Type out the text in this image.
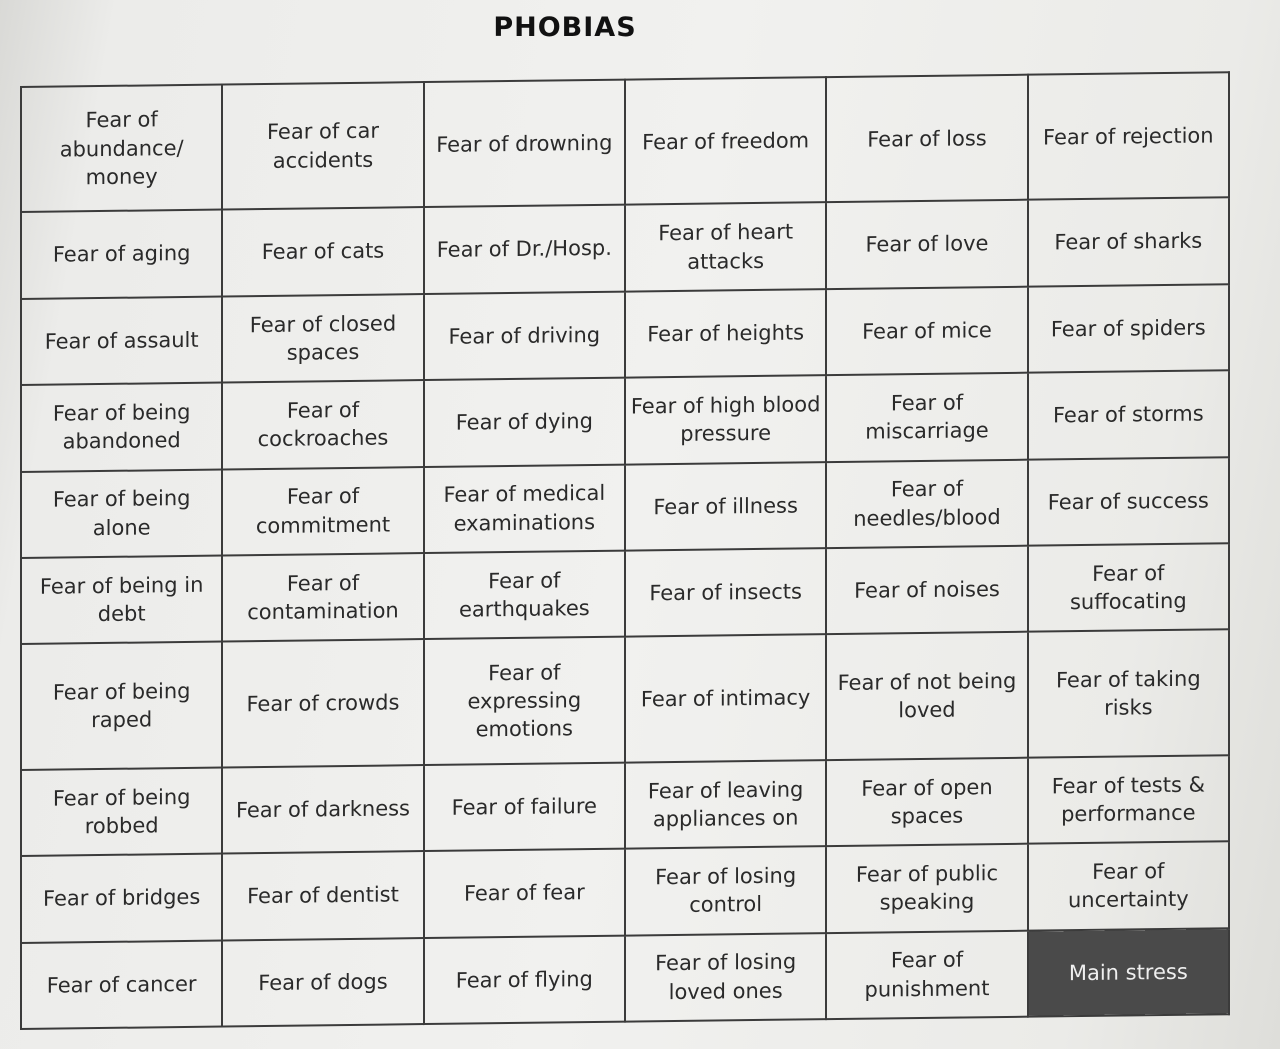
PHOBIAS
Fear of abundance/ money	Fear of car accidents	Fear of drowning	Fear of freedom	Fear of loss	Fear of rejection
Fear of aging	Fear of cats	Fear of Dr./Hosp.	Fear of heart attacks	Fear of love	Fear of sharks
Fear of assault	Fear of closed spaces	Fear of driving	Fear of heights	Fear of mice	Fear of spiders
Fear of being abandoned	Fear of cockroaches	Fear of dying	Fear of high blood pressure	Fear of miscarriage	Fear of storms
Fear of being alone	Fear of commitment	Fear of medical examinations	Fear of illness	Fear of needles/blood	Fear of success
Fear of being in debt	Fear of contamination	Fear of earthquakes	Fear of insects	Fear of noises	Fear of suffocating
Fear of being raped	Fear of crowds	Fear of expressing emotions	Fear of intimacy	Fear of not being loved	Fear of taking risks
Fear of being robbed	Fear of darkness	Fear of failure	Fear of leaving appliances on	Fear of open spaces	Fear of tests & performance
Fear of bridges	Fear of dentist	Fear of fear	Fear of losing control	Fear of public speaking	Fear of uncertainty
Fear of cancer	Fear of dogs	Fear of flying	Fear of losing loved ones	Fear of punishment	Main stress
